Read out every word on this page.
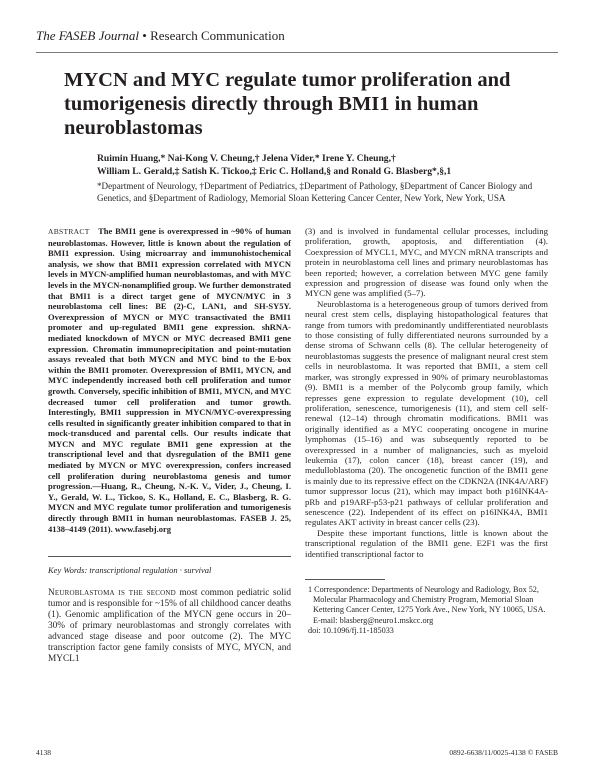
The FASEB Journal • Research Communication
MYCN and MYC regulate tumor proliferation and tumorigenesis directly through BMI1 in human neuroblastomas
Ruimin Huang,* Nai-Kong V. Cheung,† Jelena Vider,* Irene Y. Cheung,†
William L. Gerald,‡ Satish K. Tickoo,‡ Eric C. Holland,§ and Ronald G. Blasberg*,§,1
*Department of Neurology, †Department of Pediatrics, ‡Department of Pathology, §Department of Cancer Biology and Genetics, and §Department of Radiology, Memorial Sloan Kettering Cancer Center, New York, New York, USA
ABSTRACT The BMI1 gene is overexpressed in ~90% of human neuroblastomas. However, little is known about the regulation of BMI1 expression. Using microarray and immunohistochemical analysis, we show that BMI1 expression correlated with MYCN levels in MYCN-amplified human neuroblastomas, and with MYC levels in the MYCN-nonamplified group. We further demonstrated that BMI1 is a direct target gene of MYCN/MYC in 3 neuroblastoma cell lines: BE (2)-C, LAN1, and SH-SY5Y. Overexpression of MYCN or MYC transactivated the BMI1 promoter and up-regulated BMI1 gene expression. shRNA-mediated knockdown of MYCN or MYC decreased BMI1 gene expression. Chromatin immunoprecipitation and point-mutation assays revealed that both MYCN and MYC bind to the E-box within the BMI1 promoter. Overexpression of BMI1, MYCN, and MYC independently increased both cell proliferation and tumor growth. Conversely, specific inhibition of BMI1, MYCN, and MYC decreased tumor cell proliferation and tumor growth. Interestingly, BMI1 suppression in MYCN/MYC-overexpressing cells resulted in significantly greater inhibition compared to that in mock-transduced and parental cells. Our results indicate that MYCN and MYC regulate BMI1 gene expression at the transcriptional level and that dysregulation of the BMI1 gene mediated by MYCN or MYC overexpression, confers increased cell proliferation during neuroblastoma genesis and tumor progression.—Huang, R., Cheung, N.-K. V., Vider, J., Cheung, I. Y., Gerald, W. L., Tickoo, S. K., Holland, E. C., Blasberg, R. G. MYCN and MYC regulate tumor proliferation and tumorigenesis directly through BMI1 in human neuroblastomas. FASEB J. 25, 4138–4149 (2011). www.fasebj.org
Key Words: transcriptional regulation · survival
Neuroblastoma is the second most common pediatric solid tumor and is responsible for ~15% of all childhood cancer deaths (1). Genomic amplification of the MYCN gene occurs in 20–30% of primary neuroblastomas and strongly correlates with advanced stage disease and poor outcome (2). The MYC transcription factor gene family consists of MYC, MYCN, and MYCL1

(3) and is involved in fundamental cellular processes, including proliferation, growth, apoptosis, and differentiation (4). Coexpression of MYCL1, MYC, and MYCN mRNA transcripts and protein in neuroblastoma cell lines and primary neuroblastomas has been reported; however, a correlation between MYC gene family expression and progression of disease was found only when the MYCN gene was amplified (5–7).

Neuroblastoma is a heterogeneous group of tumors derived from neural crest stem cells, displaying histopathological features that range from tumors with predominantly undifferentiated neuroblasts to those consisting of fully differentiated neurons surrounded by a dense stroma of Schwann cells (8). The cellular heterogeneity of neuroblastomas suggests the presence of malignant neural crest stem cells in neuroblastoma. It was reported that BMI1, a stem cell marker, was strongly expressed in 90% of primary neuroblastomas (9). BMI1 is a member of the Polycomb group family, which represses gene expression to regulate development (10), cell proliferation, senescence, tumorigenesis (11), and stem cell self-renewal (12–14) through chromatin modifications. BMI1 was originally identified as a MYC cooperating oncogene in murine lymphomas (15–16) and was subsequently reported to be overexpressed in a number of malignancies, such as myeloid leukemia (17), colon cancer (18), breast cancer (19), and medulloblastoma (20). The oncogenetic function of the BMI1 gene is mainly due to its repressive effect on the CDKN2A (INK4A/ARF) tumor suppressor locus (21), which may impact both p16INK4A-pRb and p19ARF-p53-p21 pathways of cellular proliferation and senescence (22). Independent of its effect on p16INK4A, BMI1 regulates AKT activity in breast cancer cells (23).

Despite these important functions, little is known about the transcriptional regulation of the BMI1 gene. E2F1 was the first identified transcriptional factor to

1 Correspondence: Departments of Neurology and Radiology, Box 52, Molecular Pharmacology and Chemistry Program, Memorial Sloan Kettering Cancer Center, 1275 York Ave., New York, NY 10065, USA. E-mail: blasberg@neuro1.mskcc.org
doi: 10.1096/fj.11-185033
4138	0892-6638/11/0025-4138 © FASEB
